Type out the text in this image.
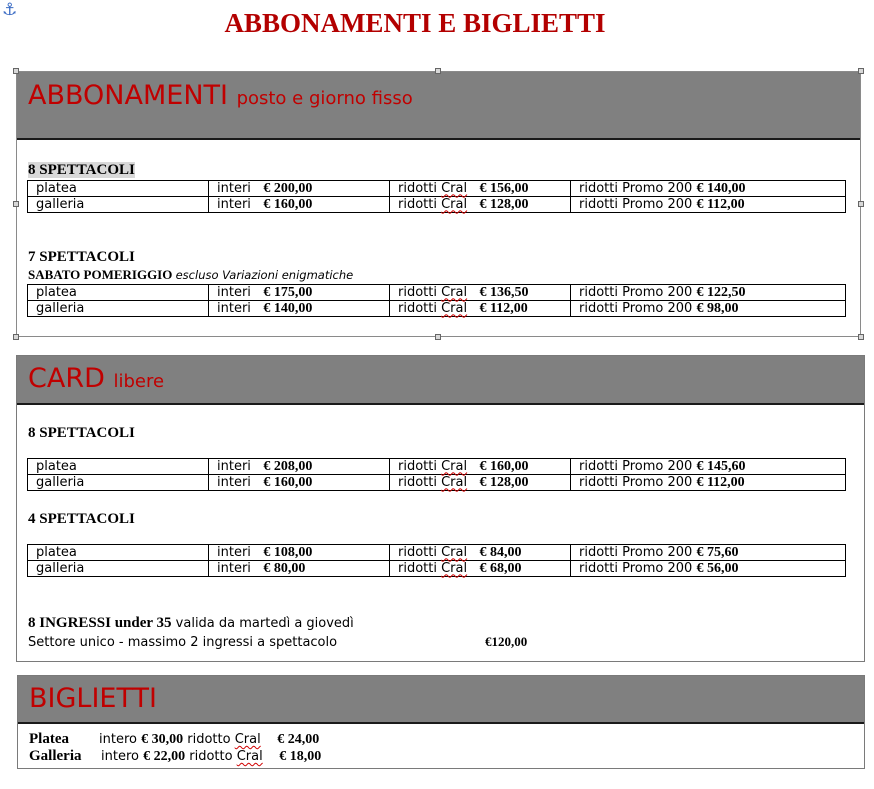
⚓	ABBONAMENTI E BIGLIETTI
ABBONAMENTI posto e giorno fisso
8 SPETTACOLI
platea	interi € 200,00	ridotti Cral € 156,00	ridotti Promo 200 € 140,00
galleria	interi € 160,00	ridotti Cral € 128,00	ridotti Promo 200 € 112,00
7 SPETTACOLI
SABATO POMERIGGIO escluso Variazioni enigmatiche
platea	interi € 175,00	ridotti Cral € 136,50	ridotti Promo 200 € 122,50
galleria	interi € 140,00	ridotti Cral € 112,00	ridotti Promo 200 € 98,00
CARD libere
8 SPETTACOLI
platea	interi € 208,00	ridotti Cral € 160,00	ridotti Promo 200 € 145,60
galleria	interi € 160,00	ridotti Cral € 128,00	ridotti Promo 200 € 112,00
4 SPETTACOLI
platea	interi € 108,00	ridotti Cral € 84,00	ridotti Promo 200 € 75,60
galleria	interi € 80,00	ridotti Cral € 68,00	ridotti Promo 200 € 56,00
8 INGRESSI under 35 valida da martedì a giovedì
Settore unico - massimo 2 ingressi a spettacolo	€120,00
BIGLIETTI
Platea intero € 30,00 ridotto Cral € 24,00
Galleria intero € 22,00 ridotto Cral € 18,00
